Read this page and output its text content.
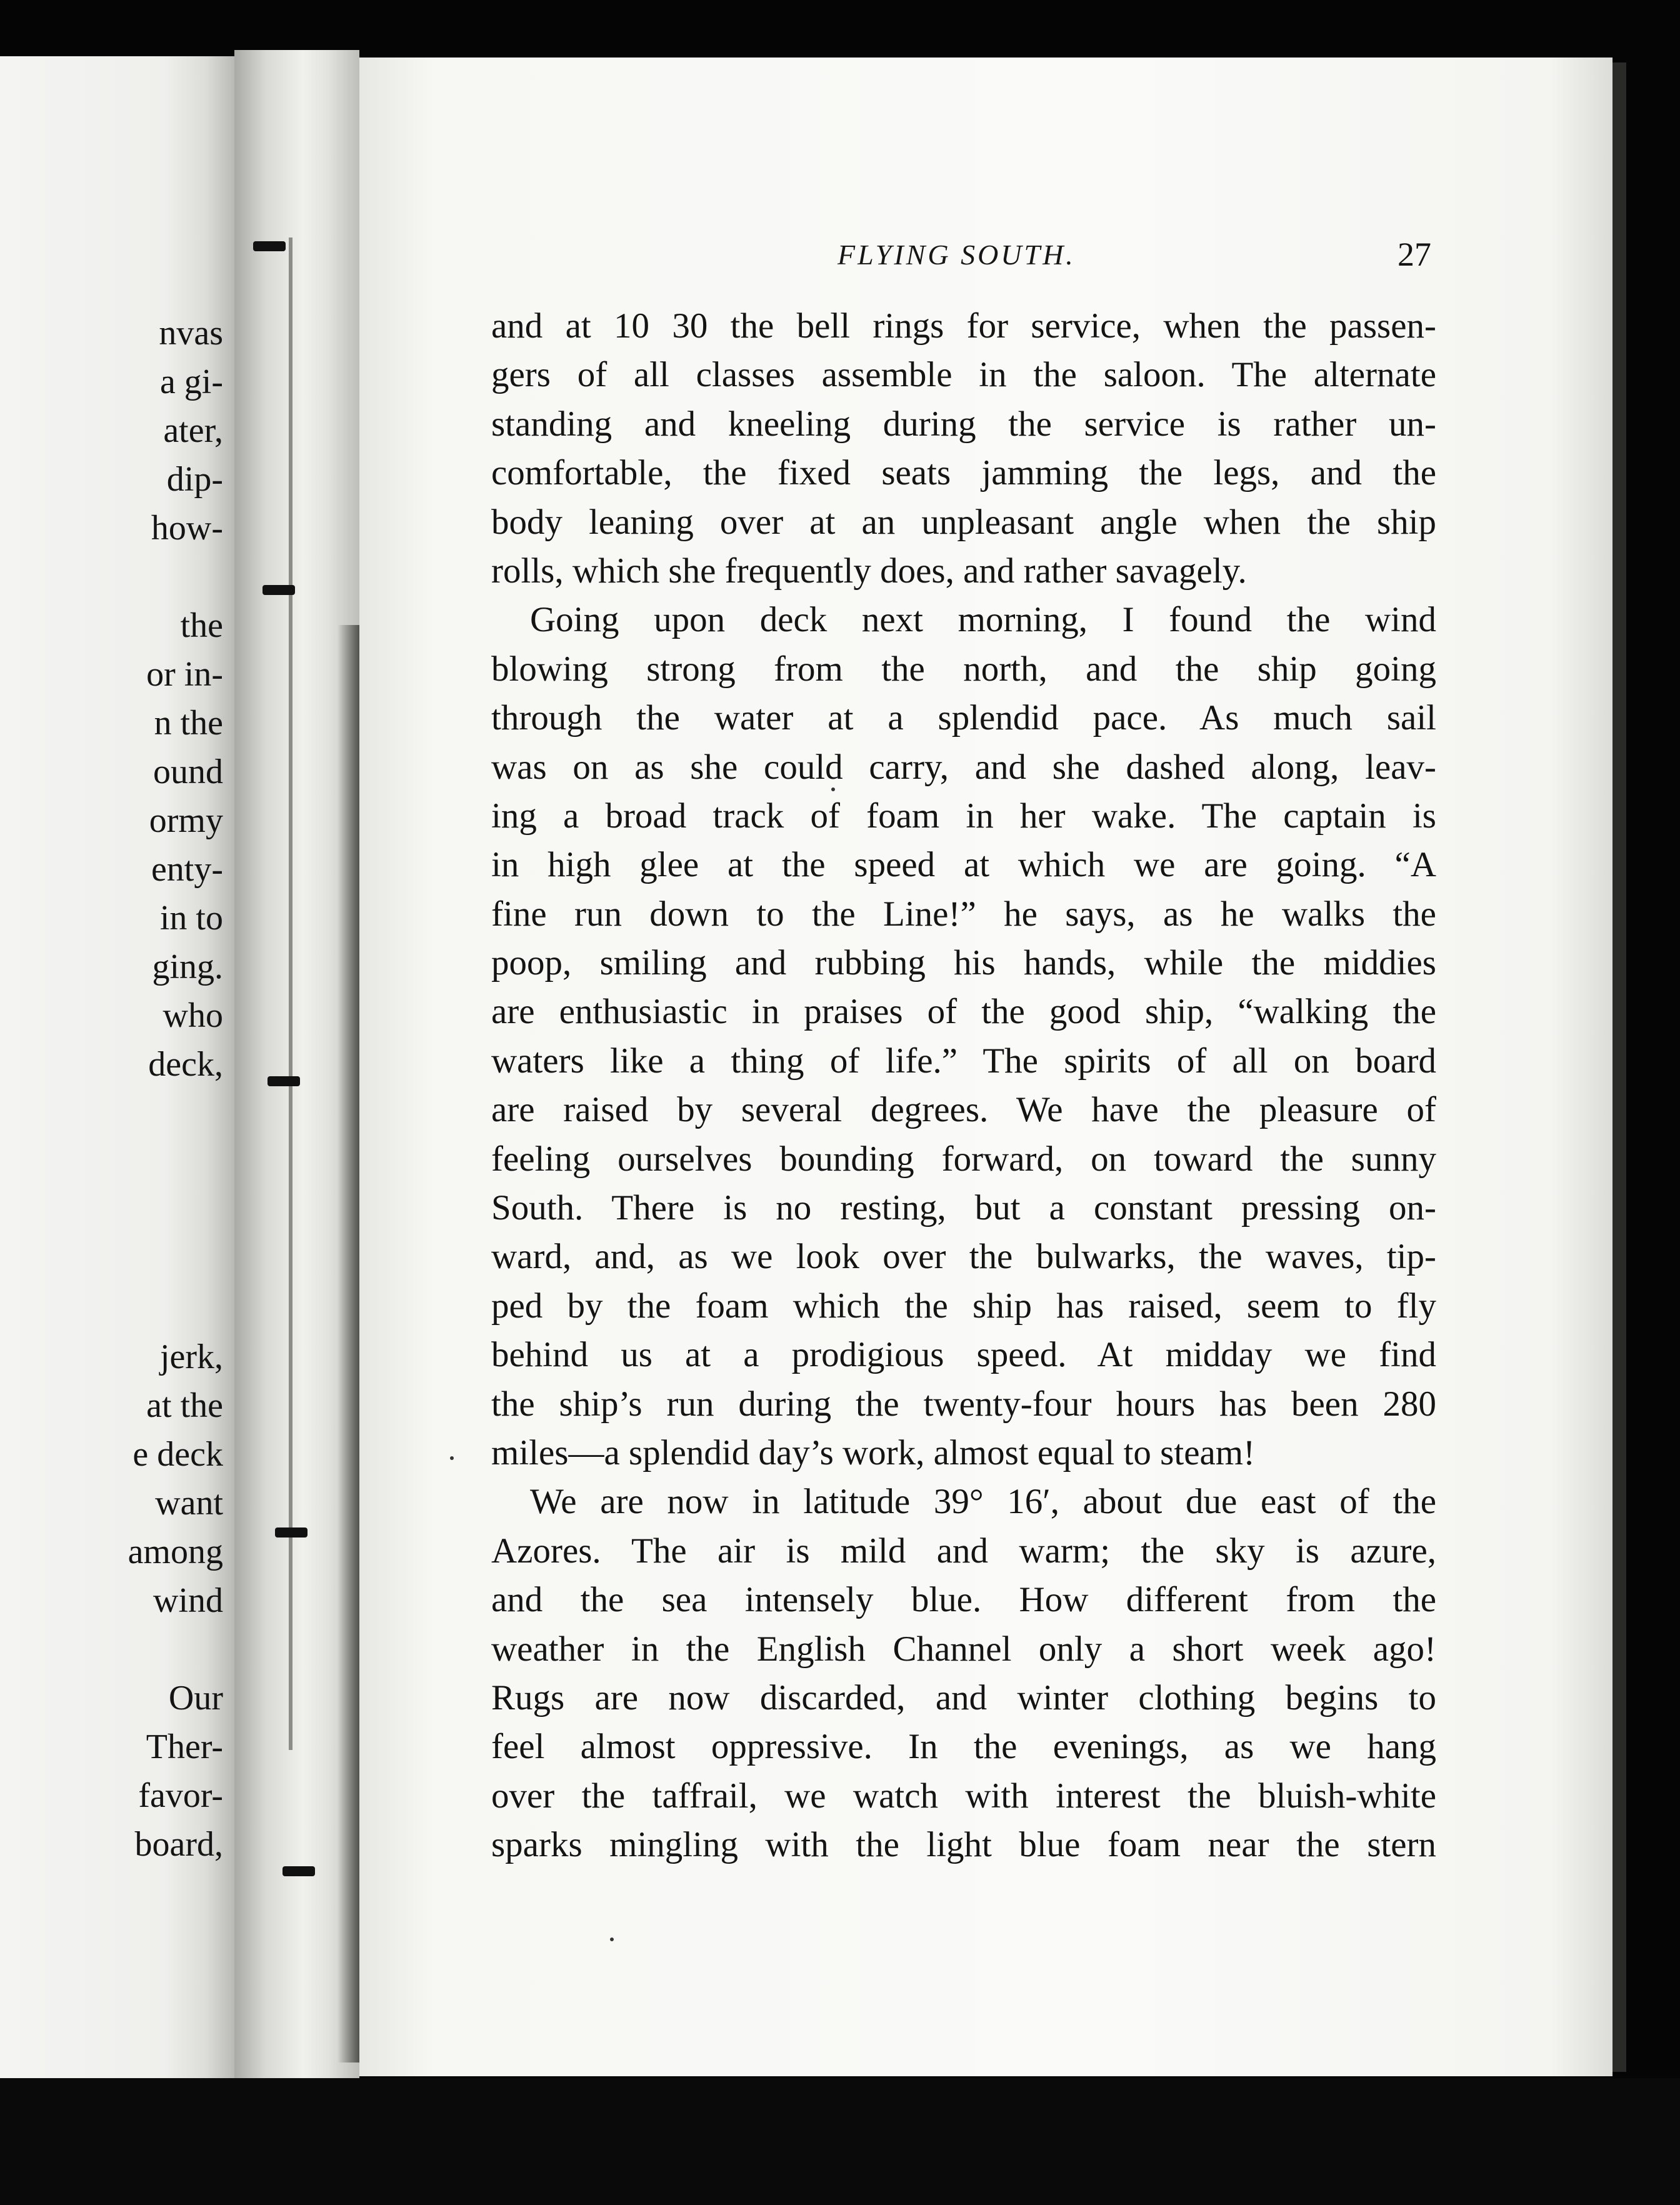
nvas
a gi-
ater,
dip-
how-
the
or in-
n the
ound
ormy
enty-
in to
ging.
who
deck,
jerk,
at the
e deck
want
among
wind
Our
Ther-
favor-
board,
FLYING SOUTH.	27
and at 10 30 the bell rings for service, when the passen-
gers of all classes assemble in the saloon. The alternate
standing and kneeling during the service is rather un-
comfortable, the fixed seats jamming the legs, and the
body leaning over at an unpleasant angle when the ship
rolls, which she frequently does, and rather savagely.
Going upon deck next morning, I found the wind
blowing strong from the north, and the ship going
through the water at a splendid pace. As much sail
was on as she could carry, and she dashed along, leav-
ing a broad track of foam in her wake. The captain is
in high glee at the speed at which we are going. “A
fine run down to the Line!” he says, as he walks the
poop, smiling and rubbing his hands, while the middies
are enthusiastic in praises of the good ship, “walking the
waters like a thing of life.” The spirits of all on board
are raised by several degrees. We have the pleasure of
feeling ourselves bounding forward, on toward the sunny
South. There is no resting, but a constant pressing on-
ward, and, as we look over the bulwarks, the waves, tip-
ped by the foam which the ship has raised, seem to fly
behind us at a prodigious speed. At midday we find
the ship’s run during the twenty-four hours has been 280
miles—a splendid day’s work, almost equal to steam!
We are now in latitude 39° 16′, about due east of the
Azores. The air is mild and warm; the sky is azure,
and the sea intensely blue. How different from the
weather in the English Channel only a short week ago!
Rugs are now discarded, and winter clothing begins to
feel almost oppressive. In the evenings, as we hang
over the taffrail, we watch with interest the bluish-white
sparks mingling with the light blue foam near the stern
